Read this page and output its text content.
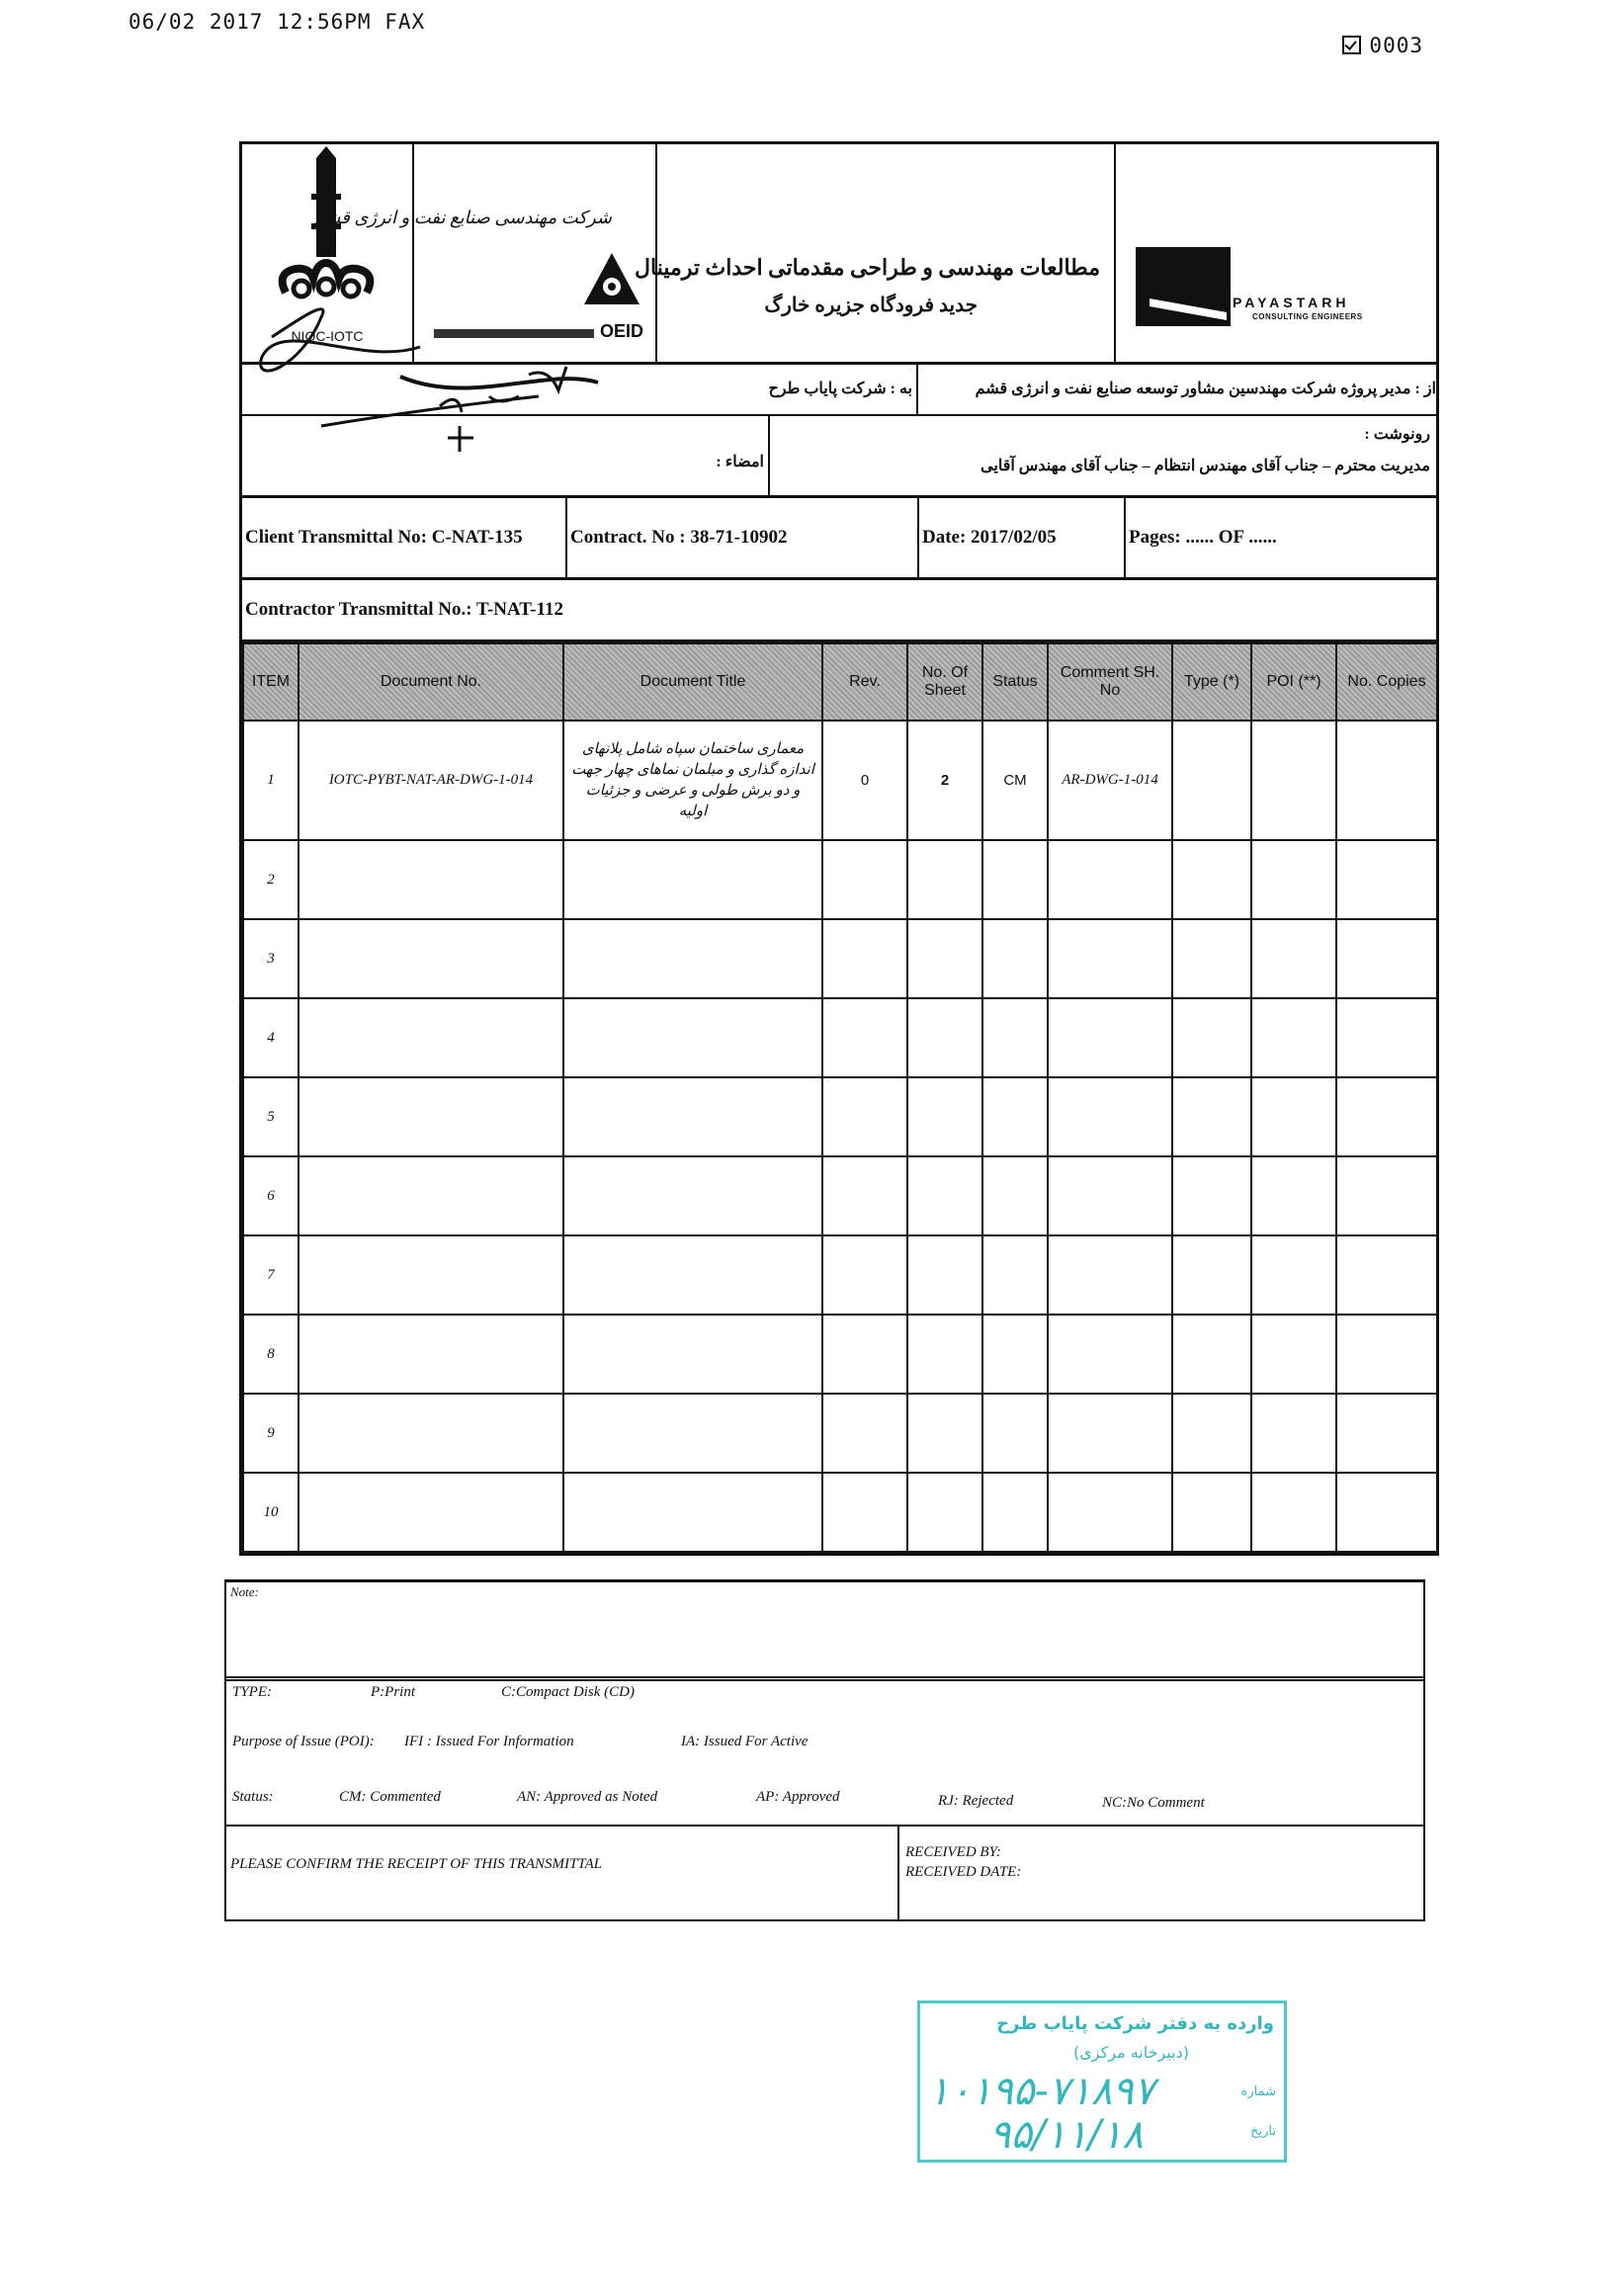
06/02 2017 12:56PM FAX

0003

NIOC-IOTC
شرکت مهندسی صنایع نفت و انرژی قشم
OEID
مطالعات مهندسی و طراحی مقدماتی احداث ترمینال
جدید فرودگاه جزیره خارگ	PAYASTARH
CONSULTING ENGINEERS
به : شرکت پایاب طرح	از : مدیر پروژه شرکت مهندسین مشاور توسعه صنایع نفت و انرژی قشم
امضاء :
رونوشت :
مدیریت محترم – جناب آقای مهندس انتظام – جناب آقای مهندس آقایی
Client Transmittal No: C-NAT-135	Contract. No : 38-71-10902	Date: 2017/02/05	Pages: ...... OF ......
Contractor Transmittal No.: T-NAT-112
ITEM	Document No.	Document Title	Rev.	No. Of Sheet	Status	Comment SH. No	Type (*)	POI (**)	No. Copies
1	IOTC-PYBT-NAT-AR-DWG-1-014	معماری ساختمان سپاه شامل پلانهای اندازه گذاری و مبلمان نماهای چهار جهت و دو برش طولی و عرضی و جزئیات اولیه	0	2	CM	AR-DWG-1-014			
2									
3									
4									
5									
6									
7									
8									
9									
10									
Note:
TYPE:	P:Print	C:Compact Disk (CD)
Purpose of Issue (POI): IFI : Issued For Information	IA: Issued For Active
Status:	CM: Commented	AN: Approved as Noted	AP: Approved	RJ: Rejected	NC:No Comment
PLEASE CONFIRM THE RECEIPT OF THIS TRANSMITTAL
RECEIVED BY:
RECEIVED DATE:
وارده به دفتر شرکت پایاب طرح
(دبیرخانه مرکزی)
شماره
۱۰۱۹۵-۷۱۸۹۷
تاریخ
۹۵/۱۱/۱۸
